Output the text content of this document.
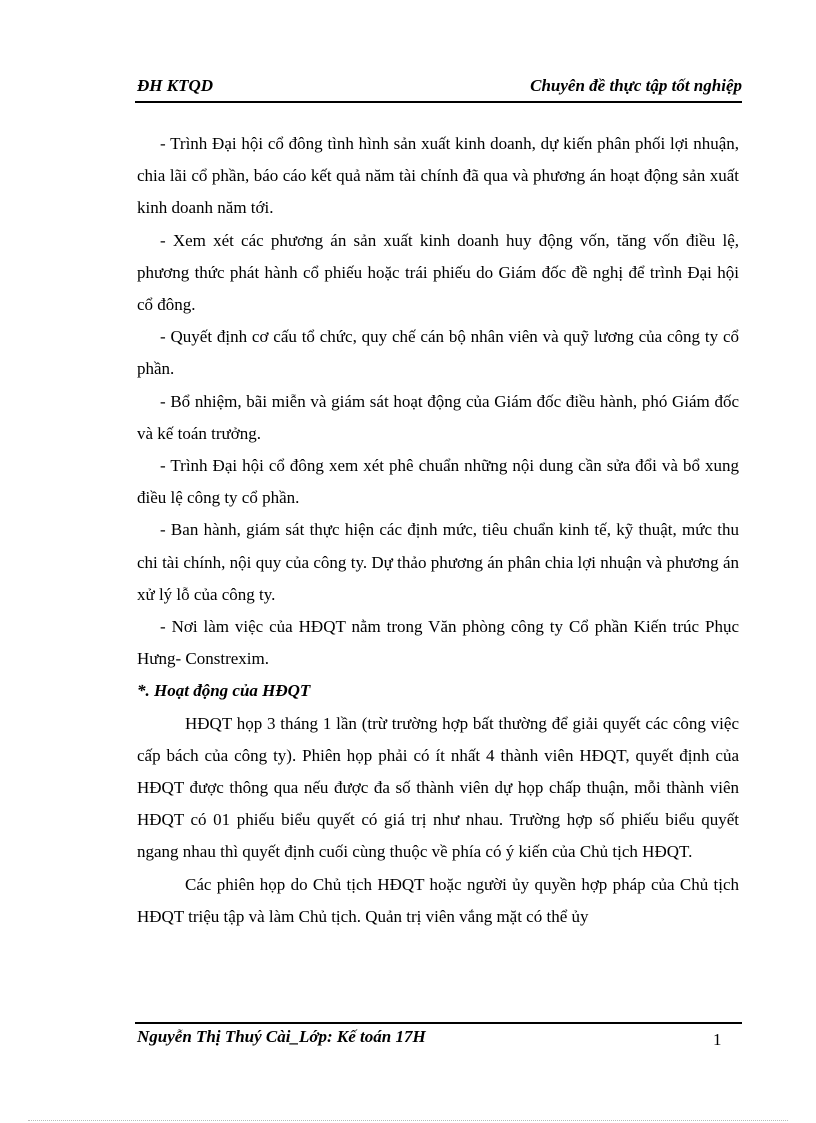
ĐH KTQD	Chuyên đề thực tập tốt nghiệp

- Trình Đại hội cổ đông tình hình sản xuất kinh doanh, dự kiến phân phối lợi nhuận, chia lãi cổ phần, báo cáo kết quả năm tài chính đã qua và phương án hoạt động sản xuất kinh doanh năm tới.

- Xem xét các phương án sản xuất kinh doanh huy động vốn, tăng vốn điều lệ, phương thức phát hành cổ phiếu hoặc trái phiếu do Giám đốc đề nghị để trình Đại hội cổ đông.

- Quyết định cơ cấu tổ chức, quy chế cán bộ nhân viên và quỹ lương của công ty cổ phần.

- Bổ nhiệm, bãi miễn và giám sát hoạt động của Giám đốc điều hành, phó Giám đốc và kế toán trưởng.

- Trình Đại hội cổ đông xem xét phê chuẩn những nội dung cần sửa đổi và bổ xung điều lệ công ty cổ phần.

- Ban hành, giám sát thực hiện các định mức, tiêu chuẩn kinh tế, kỹ thuật, mức thu chi tài chính, nội quy của công ty. Dự thảo phương án phân chia lợi nhuận và phương án xử lý lỗ của công ty.

- Nơi làm việc của HĐQT nằm trong Văn phòng công ty Cổ phần Kiến trúc Phục Hưng- Constrexim.

*. Hoạt động của HĐQT

HĐQT họp 3 tháng 1 lần (trừ trường hợp bất thường để giải quyết các công việc cấp bách của công ty). Phiên họp phải có ít nhất 4 thành viên HĐQT, quyết định của HĐQT được thông qua nếu được đa số thành viên dự họp chấp thuận, mỗi thành viên HĐQT có 01 phiếu biểu quyết có giá trị như nhau. Trường hợp số phiếu biểu quyết ngang nhau thì quyết định cuối cùng thuộc về phía có ý kiến của Chủ tịch HĐQT.

Các phiên họp do Chủ tịch HĐQT hoặc người ủy quyền hợp pháp của Chủ tịch HĐQT triệu tập và làm Chủ tịch. Quản trị viên vắng mặt có thể ủy

Nguyễn Thị Thuý Cài_Lớp: Kế toán 17H	1
